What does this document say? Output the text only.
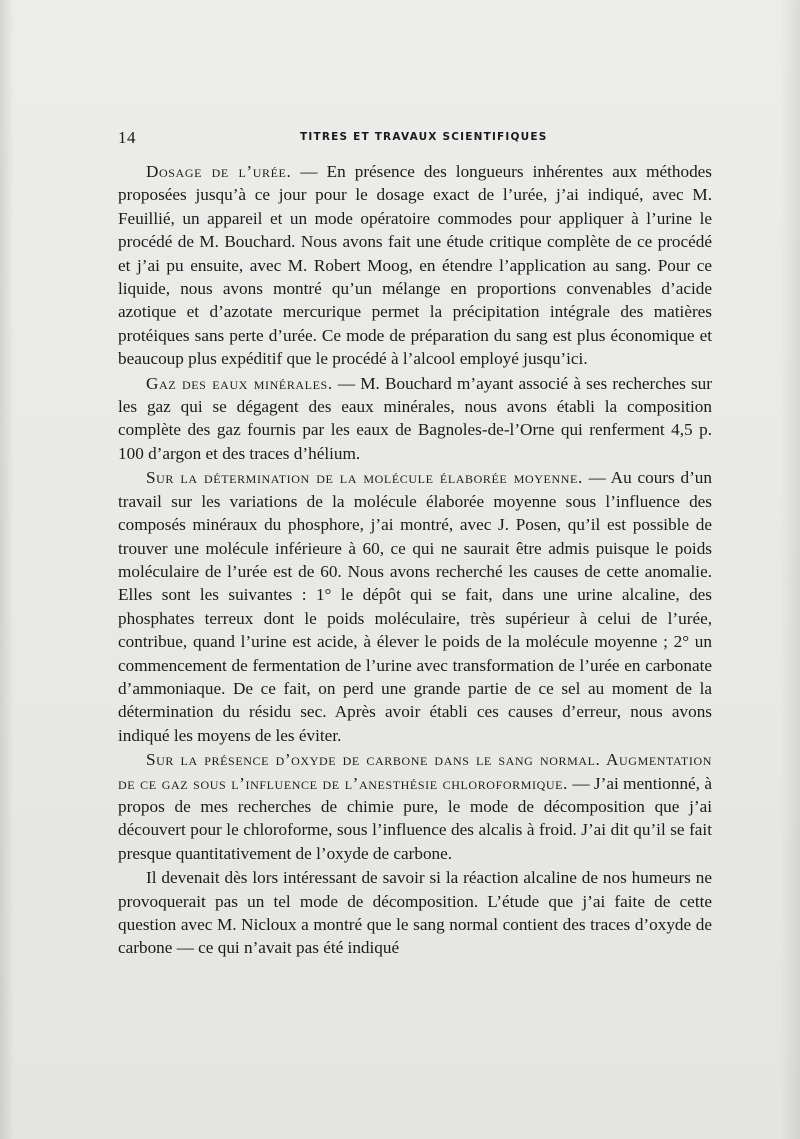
14	TITRES ET TRAVAUX SCIENTIFIQUES

Dosage de l’urée. — En présence des longueurs inhérentes aux méthodes proposées jusqu’à ce jour pour le dosage exact de l’urée, j’ai indiqué, avec M. Feuillié, un appareil et un mode opératoire commodes pour appliquer à l’urine le procédé de M. Bouchard. Nous avons fait une étude critique complète de ce procédé et j’ai pu ensuite, avec M. Robert Moog, en étendre l’application au sang. Pour ce liquide, nous avons montré qu’un mélange en proportions convenables d’acide azotique et d’azotate mercurique permet la précipitation intégrale des matières protéiques sans perte d’urée. Ce mode de préparation du sang est plus économique et beaucoup plus expéditif que le procédé à l’alcool employé jusqu’ici.

Gaz des eaux minérales. — M. Bouchard m’ayant associé à ses recherches sur les gaz qui se dégagent des eaux minérales, nous avons établi la composition complète des gaz fournis par les eaux de Bagnoles-de-l’Orne qui renferment 4,5 p. 100 d’argon et des traces d’hélium.

Sur la détermination de la molécule élaborée moyenne. — Au cours d’un travail sur les variations de la molécule élaborée moyenne sous l’influence des composés minéraux du phosphore, j’ai montré, avec J. Posen, qu’il est possible de trouver une molécule inférieure à 60, ce qui ne saurait être admis puisque le poids moléculaire de l’urée est de 60. Nous avons recherché les causes de cette anomalie. Elles sont les suivantes : 1° le dépôt qui se fait, dans une urine alcaline, des phosphates terreux dont le poids moléculaire, très supérieur à celui de l’urée, contribue, quand l’urine est acide, à élever le poids de la molécule moyenne ; 2° un commencement de fermentation de l’urine avec transformation de l’urée en carbonate d’ammoniaque. De ce fait, on perd une grande partie de ce sel au moment de la détermination du résidu sec. Après avoir établi ces causes d’erreur, nous avons indiqué les moyens de les éviter.

Sur la présence d’oxyde de carbone dans le sang normal. Augmentation de ce gaz sous l’influence de l’anesthésie chloroformique. — J’ai mentionné, à propos de mes recherches de chimie pure, le mode de décomposition que j’ai découvert pour le chloroforme, sous l’influence des alcalis à froid. J’ai dit qu’il se fait presque quantitativement de l’oxyde de carbone.

Il devenait dès lors intéressant de savoir si la réaction alcaline de nos humeurs ne provoquerait pas un tel mode de décomposition. L’étude que j’ai faite de cette question avec M. Nicloux a montré que le sang normal contient des traces d’oxyde de carbone — ce qui n’avait pas été indiqué
